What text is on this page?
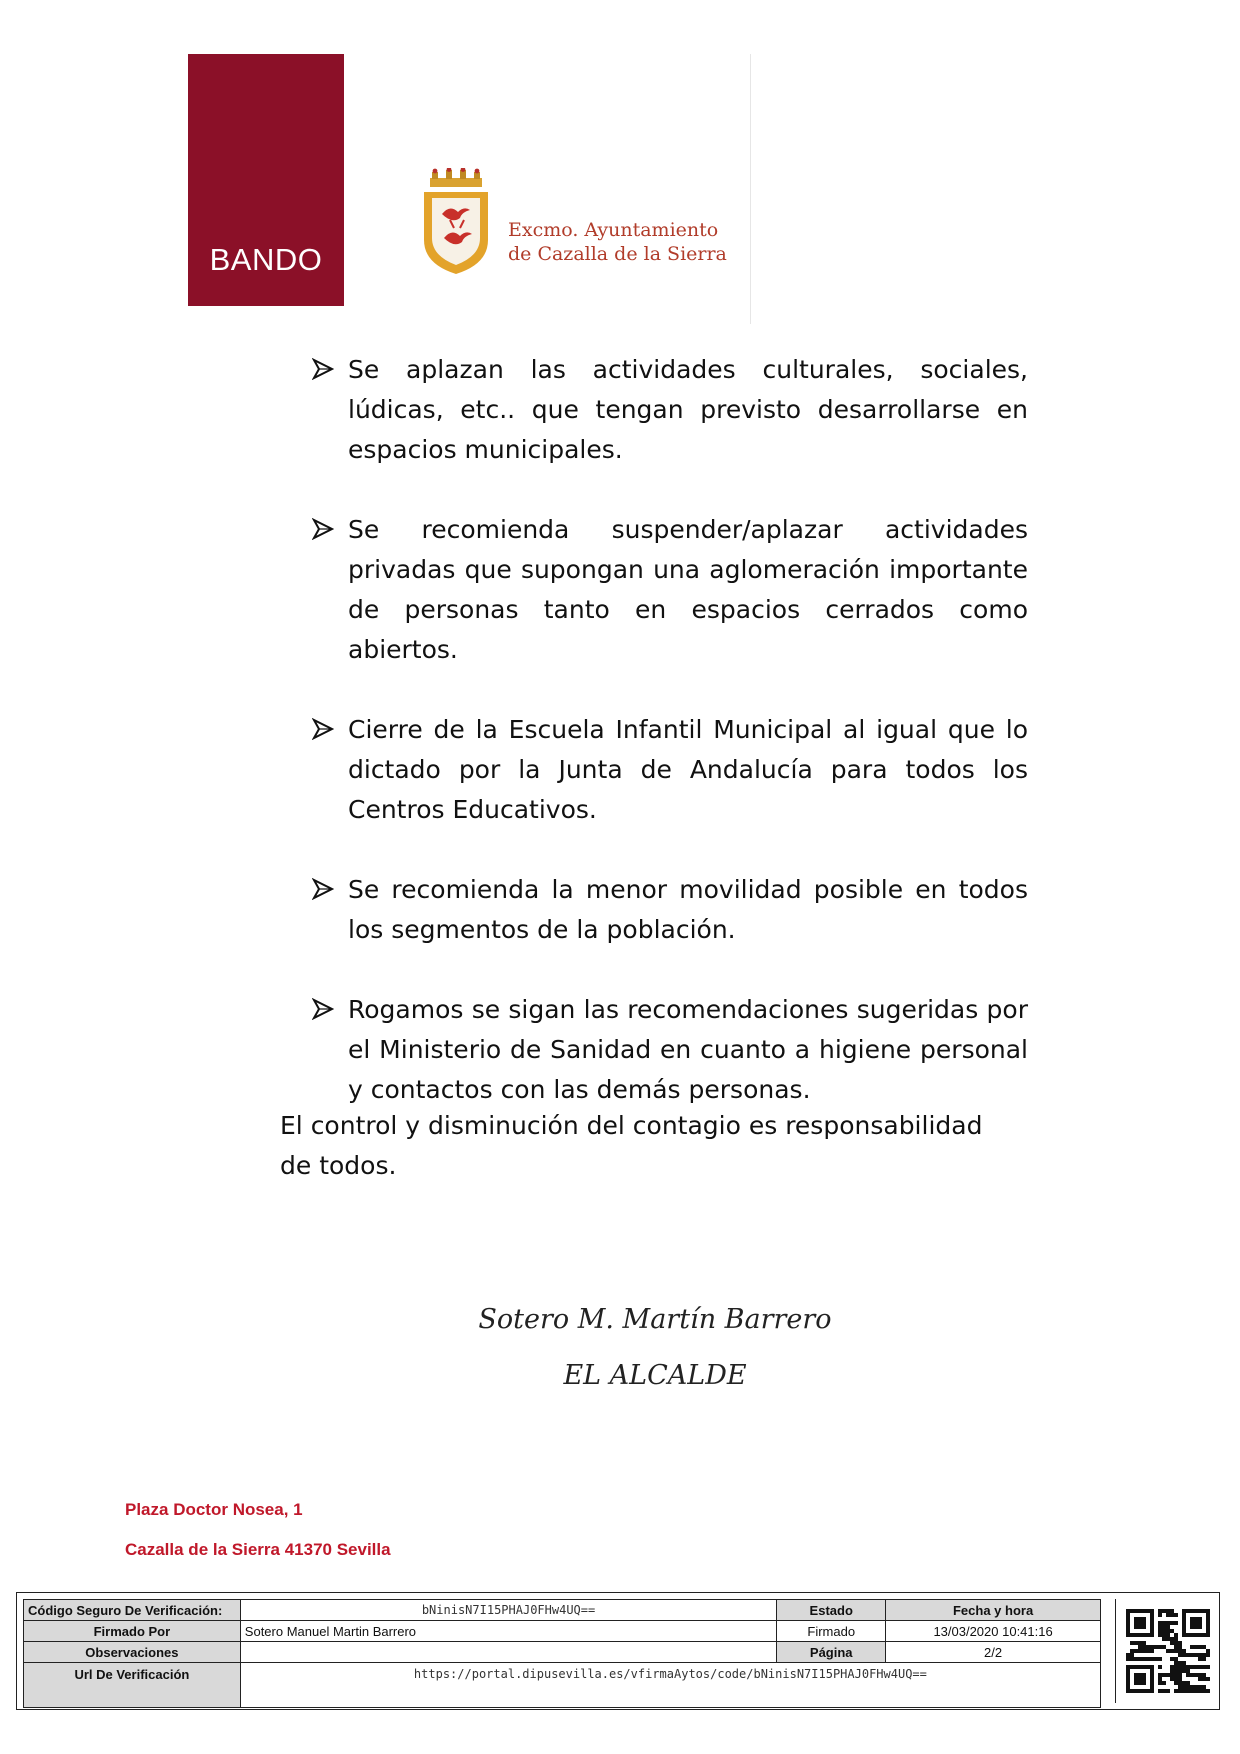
BANDO
Excmo. Ayuntamiento
de Cazalla de la Sierra
Se aplazan las actividades culturales, sociales, lúdicas, etc.. que tengan previsto desarrollarse en espacios municipales.
Se recomienda suspender/aplazar actividades privadas que supongan una aglomeración importante de personas tanto en espacios cerrados como abiertos.
Cierre de la Escuela Infantil Municipal al igual que lo dictado por la Junta de Andalucía para todos los Centros Educativos.
Se recomienda la menor movilidad posible en todos los segmentos de la población.
Rogamos se sigan las recomendaciones sugeridas por el Ministerio de Sanidad en cuanto a higiene personal y contactos con las demás personas.
El control y disminución del contagio es responsabilidad de todos.
Sotero M. Martín Barrero
EL ALCALDE
Plaza Doctor Nosea, 1
Cazalla de la Sierra 41370 Sevilla
Código Seguro De Verificación:	bNinisN7I15PHAJ0FHw4UQ==	Estado	Fecha y hora
Firmado Por	Sotero Manuel Martin Barrero	Firmado	13/03/2020 10:41:16
Observaciones		Página	2/2
Url De Verificación	https://portal.dipusevilla.es/vfirmaAytos/code/bNinisN7I15PHAJ0FHw4UQ==		
